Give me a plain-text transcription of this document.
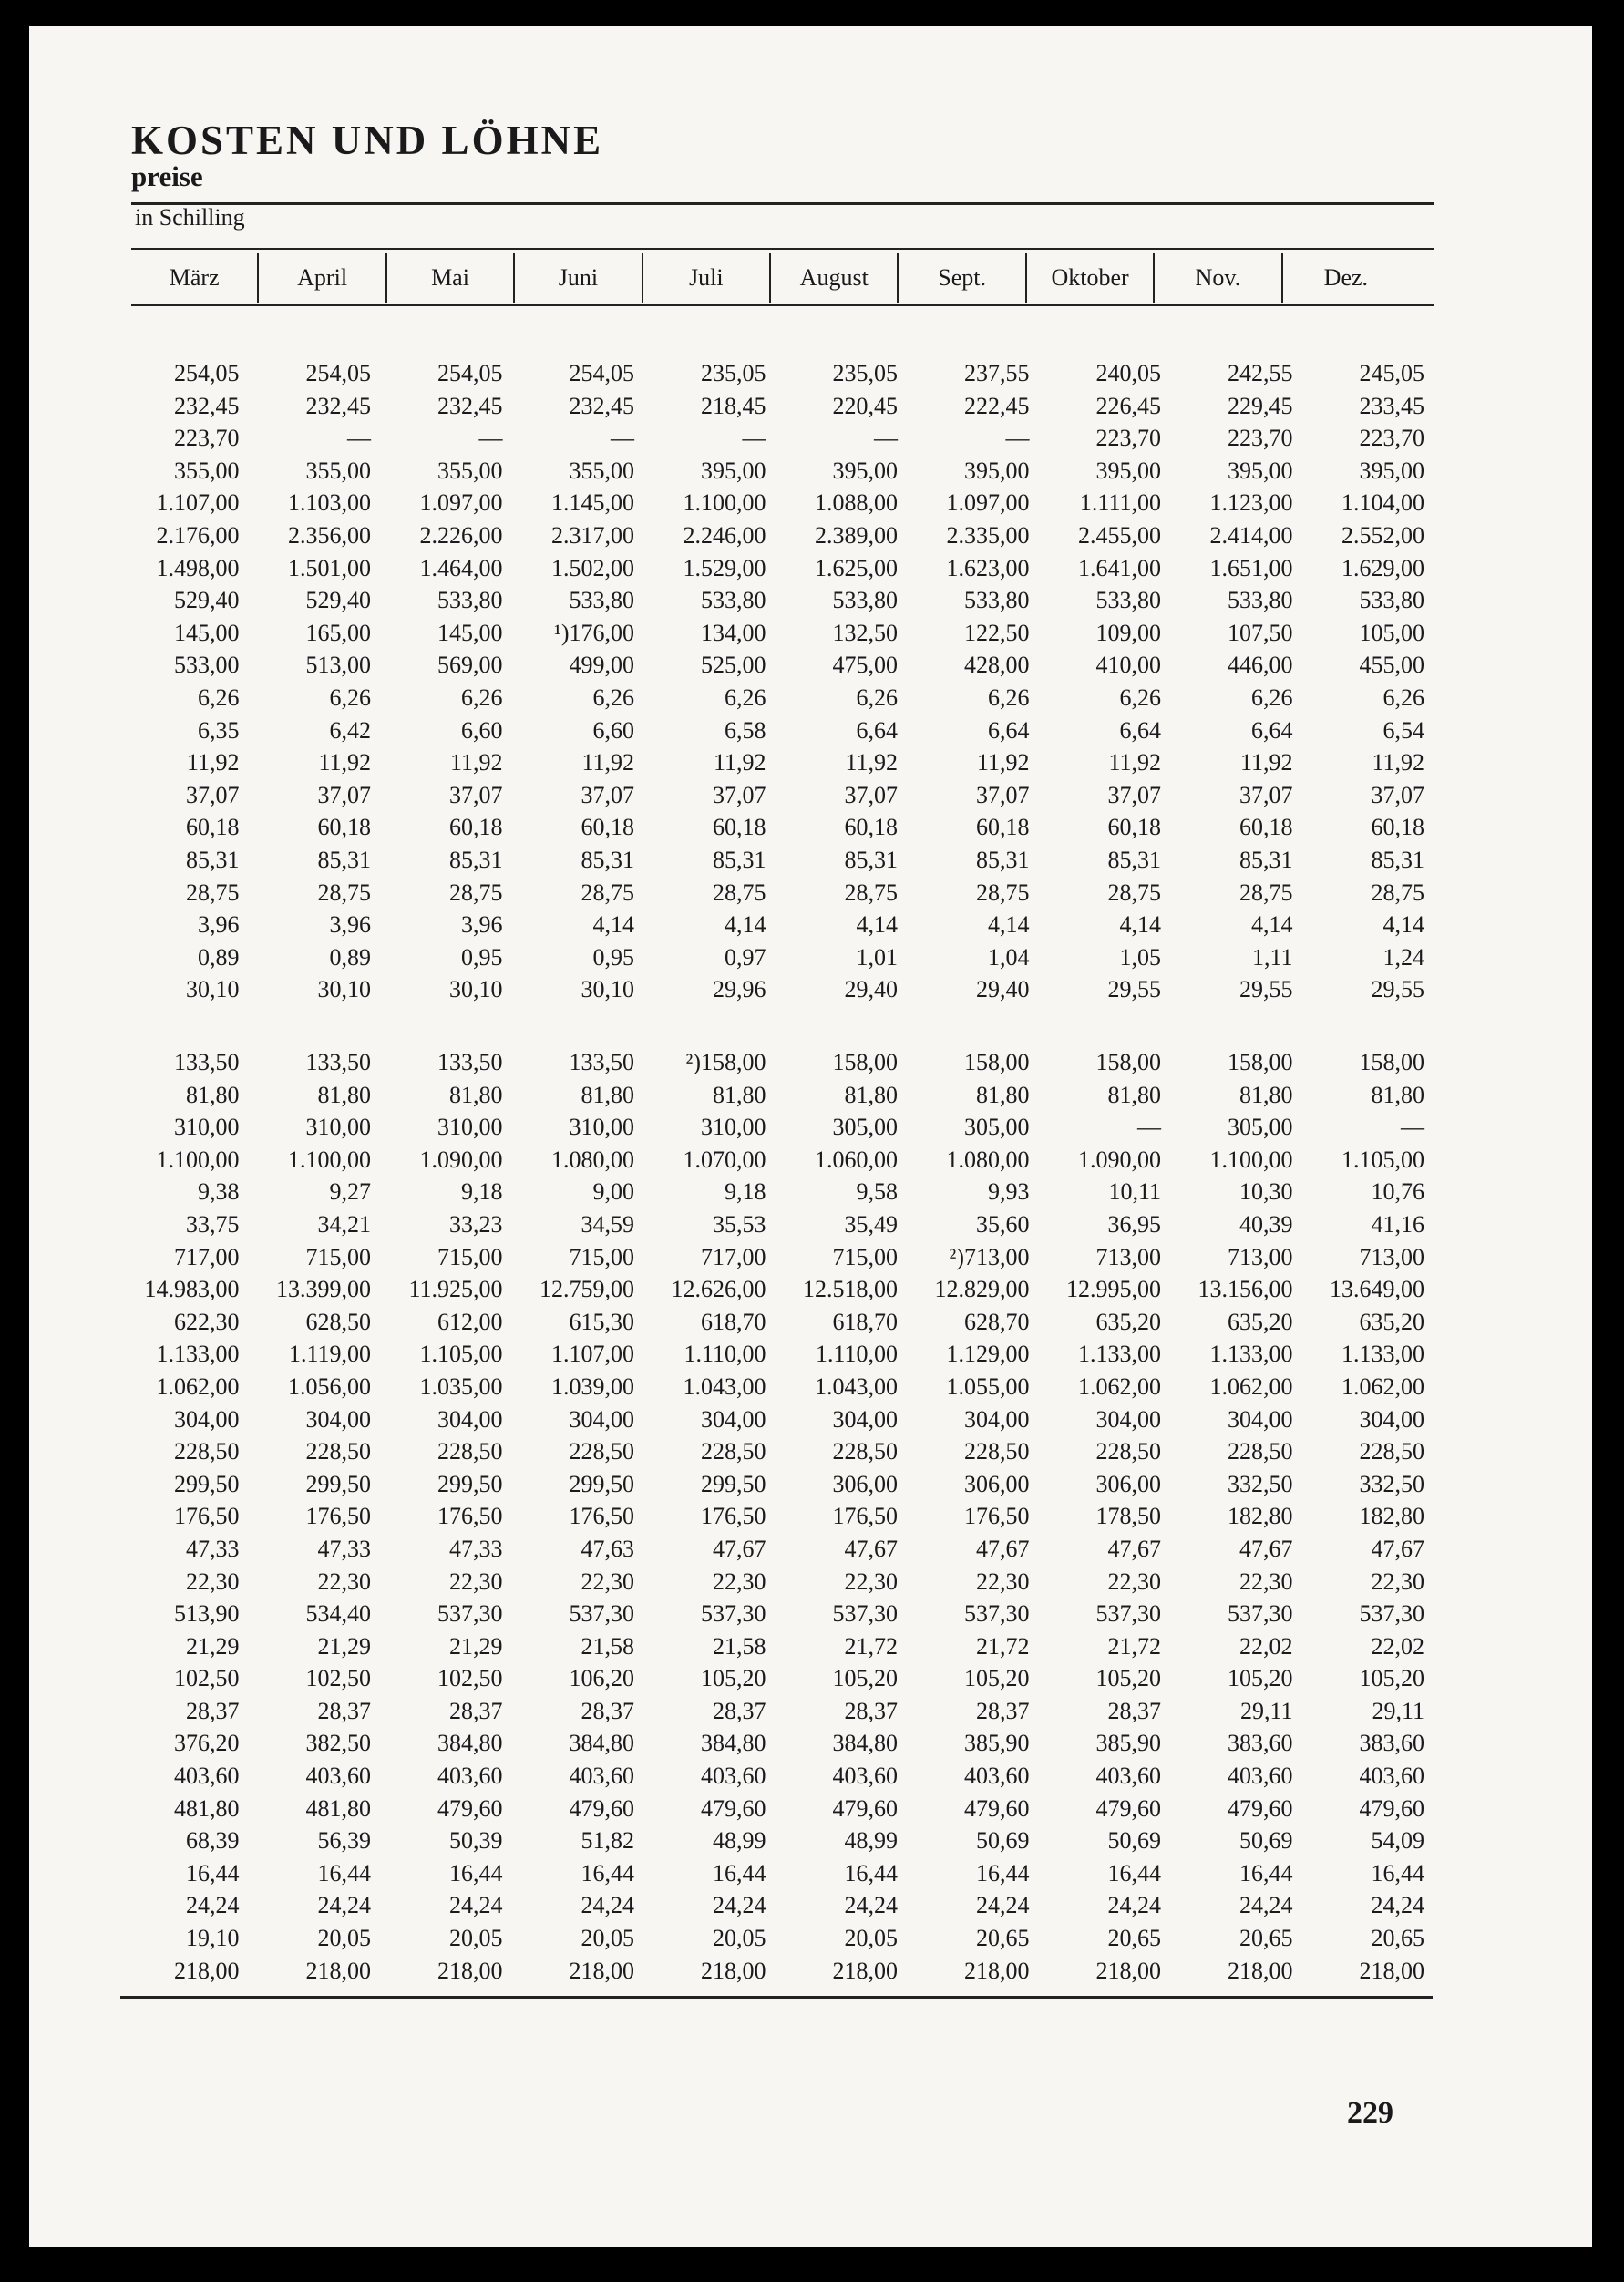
KOSTEN UND LÖHNE
preise
in Schilling
März	April	Mai	Juni	Juli	August	Sept.	Oktober	Nov.	Dez.
254,05	254,05	254,05	254,05	235,05	235,05	237,55	240,05	242,55	245,05
232,45	232,45	232,45	232,45	218,45	220,45	222,45	226,45	229,45	233,45
223,70	—	—	—	—	—	—	223,70	223,70	223,70
355,00	355,00	355,00	355,00	395,00	395,00	395,00	395,00	395,00	395,00
1.107,00	1.103,00	1.097,00	1.145,00	1.100,00	1.088,00	1.097,00	1.111,00	1.123,00	1.104,00
2.176,00	2.356,00	2.226,00	2.317,00	2.246,00	2.389,00	2.335,00	2.455,00	2.414,00	2.552,00
1.498,00	1.501,00	1.464,00	1.502,00	1.529,00	1.625,00	1.623,00	1.641,00	1.651,00	1.629,00
529,40	529,40	533,80	533,80	533,80	533,80	533,80	533,80	533,80	533,80
145,00	165,00	145,00	¹)176,00	134,00	132,50	122,50	109,00	107,50	105,00
533,00	513,00	569,00	499,00	525,00	475,00	428,00	410,00	446,00	455,00
6,26	6,26	6,26	6,26	6,26	6,26	6,26	6,26	6,26	6,26
6,35	6,42	6,60	6,60	6,58	6,64	6,64	6,64	6,64	6,54
11,92	11,92	11,92	11,92	11,92	11,92	11,92	11,92	11,92	11,92
37,07	37,07	37,07	37,07	37,07	37,07	37,07	37,07	37,07	37,07
60,18	60,18	60,18	60,18	60,18	60,18	60,18	60,18	60,18	60,18
85,31	85,31	85,31	85,31	85,31	85,31	85,31	85,31	85,31	85,31
28,75	28,75	28,75	28,75	28,75	28,75	28,75	28,75	28,75	28,75
3,96	3,96	3,96	4,14	4,14	4,14	4,14	4,14	4,14	4,14
0,89	0,89	0,95	0,95	0,97	1,01	1,04	1,05	1,11	1,24
30,10	30,10	30,10	30,10	29,96	29,40	29,40	29,55	29,55	29,55
133,50	133,50	133,50	133,50	²)158,00	158,00	158,00	158,00	158,00	158,00
81,80	81,80	81,80	81,80	81,80	81,80	81,80	81,80	81,80	81,80
310,00	310,00	310,00	310,00	310,00	305,00	305,00	—	305,00	—
1.100,00	1.100,00	1.090,00	1.080,00	1.070,00	1.060,00	1.080,00	1.090,00	1.100,00	1.105,00
9,38	9,27	9,18	9,00	9,18	9,58	9,93	10,11	10,30	10,76
33,75	34,21	33,23	34,59	35,53	35,49	35,60	36,95	40,39	41,16
717,00	715,00	715,00	715,00	717,00	715,00	²)713,00	713,00	713,00	713,00
14.983,00	13.399,00	11.925,00	12.759,00	12.626,00	12.518,00	12.829,00	12.995,00	13.156,00	13.649,00
622,30	628,50	612,00	615,30	618,70	618,70	628,70	635,20	635,20	635,20
1.133,00	1.119,00	1.105,00	1.107,00	1.110,00	1.110,00	1.129,00	1.133,00	1.133,00	1.133,00
1.062,00	1.056,00	1.035,00	1.039,00	1.043,00	1.043,00	1.055,00	1.062,00	1.062,00	1.062,00
304,00	304,00	304,00	304,00	304,00	304,00	304,00	304,00	304,00	304,00
228,50	228,50	228,50	228,50	228,50	228,50	228,50	228,50	228,50	228,50
299,50	299,50	299,50	299,50	299,50	306,00	306,00	306,00	332,50	332,50
176,50	176,50	176,50	176,50	176,50	176,50	176,50	178,50	182,80	182,80
47,33	47,33	47,33	47,63	47,67	47,67	47,67	47,67	47,67	47,67
22,30	22,30	22,30	22,30	22,30	22,30	22,30	22,30	22,30	22,30
513,90	534,40	537,30	537,30	537,30	537,30	537,30	537,30	537,30	537,30
21,29	21,29	21,29	21,58	21,58	21,72	21,72	21,72	22,02	22,02
102,50	102,50	102,50	106,20	105,20	105,20	105,20	105,20	105,20	105,20
28,37	28,37	28,37	28,37	28,37	28,37	28,37	28,37	29,11	29,11
376,20	382,50	384,80	384,80	384,80	384,80	385,90	385,90	383,60	383,60
403,60	403,60	403,60	403,60	403,60	403,60	403,60	403,60	403,60	403,60
481,80	481,80	479,60	479,60	479,60	479,60	479,60	479,60	479,60	479,60
68,39	56,39	50,39	51,82	48,99	48,99	50,69	50,69	50,69	54,09
16,44	16,44	16,44	16,44	16,44	16,44	16,44	16,44	16,44	16,44
24,24	24,24	24,24	24,24	24,24	24,24	24,24	24,24	24,24	24,24
19,10	20,05	20,05	20,05	20,05	20,05	20,65	20,65	20,65	20,65
218,00	218,00	218,00	218,00	218,00	218,00	218,00	218,00	218,00	218,00
229
